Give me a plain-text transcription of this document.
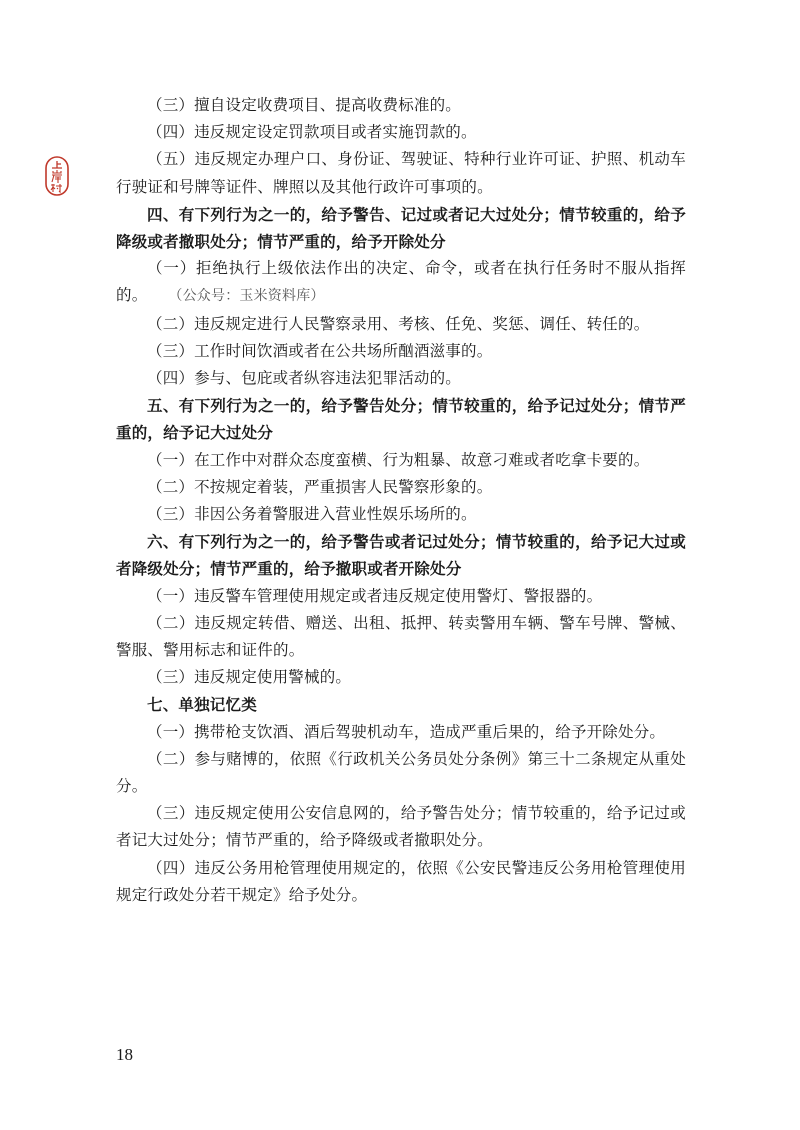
（三）擅自设定收费项目、提高收费标准的。

（四）违反规定设定罚款项目或者实施罚款的。

（五）违反规定办理户口、身份证、驾驶证、特种行业许可证、护照、机动车行驶证和号牌等证件、牌照以及其他行政许可事项的。

四、有下列行为之一的，给予警告、记过或者记大过处分；情节较重的，给予降级或者撤职处分；情节严重的，给予开除处分

（一）拒绝执行上级依法作出的决定、命令，或者在执行任务时不服从指挥的。 （公众号：玉米资料库）

（二）违反规定进行人民警察录用、考核、任免、奖惩、调任、转任的。

（三）工作时间饮酒或者在公共场所酗酒滋事的。

（四）参与、包庇或者纵容违法犯罪活动的。

五、有下列行为之一的，给予警告处分；情节较重的，给予记过处分；情节严重的，给予记大过处分

（一）在工作中对群众态度蛮横、行为粗暴、故意刁难或者吃拿卡要的。

（二）不按规定着装，严重损害人民警察形象的。

（三）非因公务着警服进入营业性娱乐场所的。

六、有下列行为之一的，给予警告或者记过处分；情节较重的，给予记大过或者降级处分；情节严重的，给予撤职或者开除处分

（一）违反警车管理使用规定或者违反规定使用警灯、警报器的。

（二）违反规定转借、赠送、出租、抵押、转卖警用车辆、警车号牌、警械、警服、警用标志和证件的。

（三）违反规定使用警械的。

七、单独记忆类

（一）携带枪支饮酒、酒后驾驶机动车，造成严重后果的，给予开除处分。

（二）参与赌博的，依照《行政机关公务员处分条例》第三十二条规定从重处分。

（三）违反规定使用公安信息网的，给予警告处分；情节较重的，给予记过或者记大过处分；情节严重的，给予降级或者撤职处分。

（四）违反公务用枪管理使用规定的，依照《公安民警违反公务用枪管理使用规定行政处分若干规定》给予处分。

18
